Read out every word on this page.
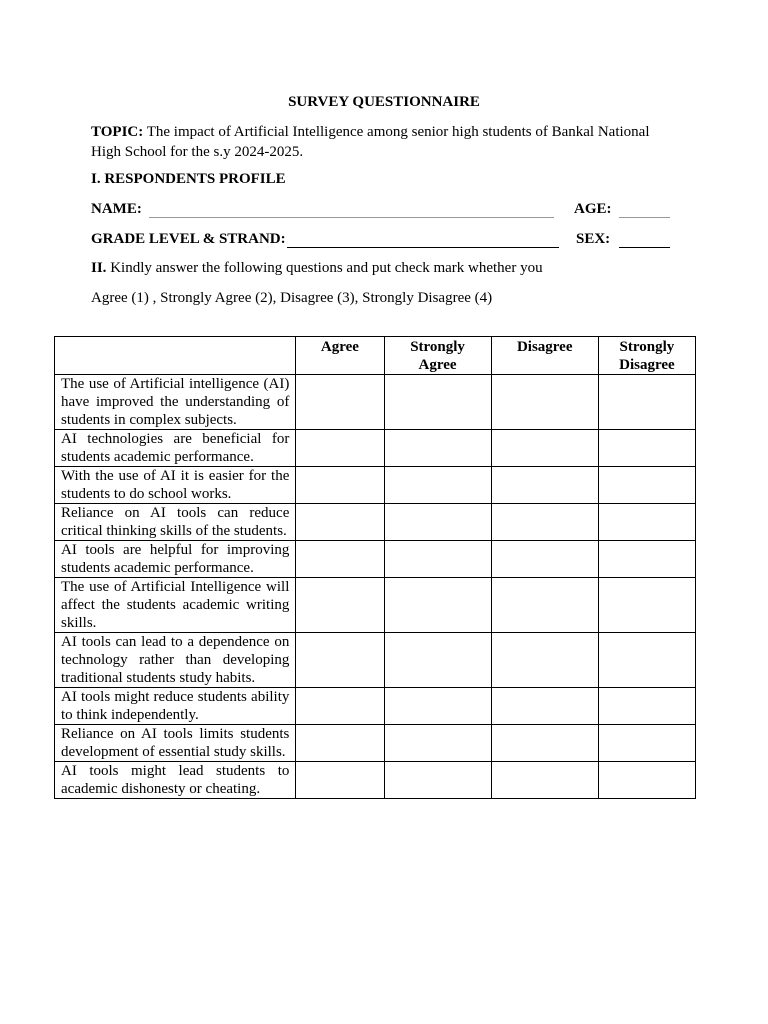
SURVEY QUESTIONNAIRE
TOPIC: The impact of Artificial Intelligence among senior high students of Bankal National High School for the s.y 2024-2025.
I. RESPONDENTS PROFILE
NAME:	AGE:
GRADE LEVEL & STRAND:	SEX:
II. Kindly answer the following questions and put check mark whether you
Agree (1) , Strongly Agree (2), Disagree (3), Strongly Disagree (4)
	Agree	Strongly Agree	Disagree	Strongly Disagree
The use of Artificial intelligence (AI) have improved the understanding of students in complex subjects.				
AI technologies are beneficial for students academic performance.				
With the use of AI it is easier for the students to do school works.				
Reliance on AI tools can reduce critical thinking skills of the students.				
AI tools are helpful for improving students academic performance.				
The use of Artificial Intelligence will affect the students academic writing skills.				
AI tools can lead to a dependence on technology rather than developing traditional students study habits.				
AI tools might reduce students ability to think independently.				
Reliance on AI tools limits students development of essential study skills.				
AI tools might lead students to academic dishonesty or cheating.				
